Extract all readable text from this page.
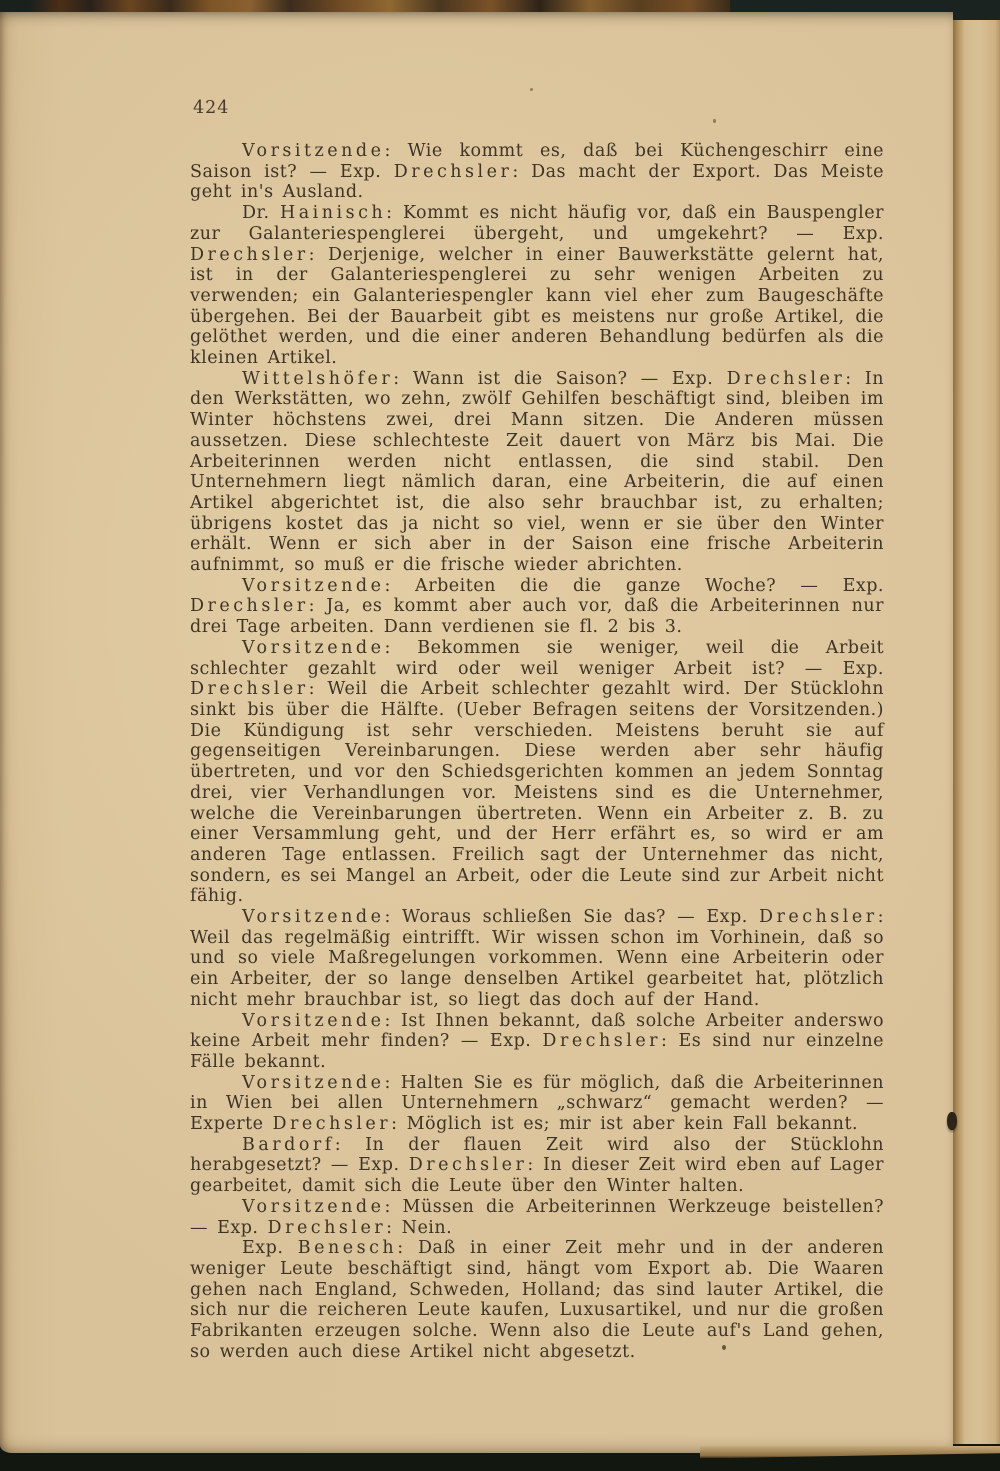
424

Vorsitzende: Wie kommt es, daß bei Küchengeschirr eine Saison ist? — Exp. Drechsler: Das macht der Export. Das Meiste geht in's Ausland.

Dr. Hainisch: Kommt es nicht häufig vor, daß ein Bauspengler zur Galanteriespenglerei übergeht, und umgekehrt? — Exp. Drechsler: Derjenige, welcher in einer Bauwerkstätte gelernt hat, ist in der Galanteriespenglerei zu sehr wenigen Arbeiten zu verwenden; ein Galanteriespengler kann viel eher zum Baugeschäfte übergehen. Bei der Bauarbeit gibt es meistens nur große Artikel, die gelöthet werden, und die einer anderen Behandlung bedürfen als die kleinen Artikel.

Wittelshöfer: Wann ist die Saison? — Exp. Drechsler: In den Werkstätten, wo zehn, zwölf Gehilfen beschäftigt sind, bleiben im Winter höchstens zwei, drei Mann sitzen. Die Anderen müssen aussetzen. Diese schlechteste Zeit dauert von März bis Mai. Die Arbeiterinnen werden nicht entlassen, die sind stabil. Den Unternehmern liegt nämlich daran, eine Arbeiterin, die auf einen Artikel abgerichtet ist, die also sehr brauchbar ist, zu erhalten; übrigens kostet das ja nicht so viel, wenn er sie über den Winter erhält. Wenn er sich aber in der Saison eine frische Arbeiterin aufnimmt, so muß er die frische wieder abrichten.

Vorsitzende: Arbeiten die die ganze Woche? — Exp. Drechsler: Ja, es kommt aber auch vor, daß die Arbeiterinnen nur drei Tage arbeiten. Dann verdienen sie fl. 2 bis 3.

Vorsitzende: Bekommen sie weniger, weil die Arbeit schlechter gezahlt wird oder weil weniger Arbeit ist? — Exp. Drechsler: Weil die Arbeit schlechter gezahlt wird. Der Stücklohn sinkt bis über die Hälfte. (Ueber Befragen seitens der Vorsitzenden.) Die Kündigung ist sehr verschieden. Meistens beruht sie auf gegenseitigen Vereinbarungen. Diese werden aber sehr häufig übertreten, und vor den Schiedsgerichten kommen an jedem Sonntag drei, vier Verhandlungen vor. Meistens sind es die Unternehmer, welche die Vereinbarungen übertreten. Wenn ein Arbeiter z. B. zu einer Versammlung geht, und der Herr erfährt es, so wird er am anderen Tage entlassen. Freilich sagt der Unternehmer das nicht, sondern, es sei Mangel an Arbeit, oder die Leute sind zur Arbeit nicht fähig.

Vorsitzende: Woraus schließen Sie das? — Exp. Drechsler: Weil das regelmäßig eintrifft. Wir wissen schon im Vorhinein, daß so und so viele Maßregelungen vorkommen. Wenn eine Arbeiterin oder ein Arbeiter, der so lange denselben Artikel gearbeitet hat, plötzlich nicht mehr brauchbar ist, so liegt das doch auf der Hand.

Vorsitzende: Ist Ihnen bekannt, daß solche Arbeiter anderswo keine Arbeit mehr finden? — Exp. Drechsler: Es sind nur einzelne Fälle bekannt.

Vorsitzende: Halten Sie es für möglich, daß die Arbeiterinnen in Wien bei allen Unternehmern „schwarz“ gemacht werden? — Experte Drechsler: Möglich ist es; mir ist aber kein Fall bekannt.

Bardorf: In der flauen Zeit wird also der Stücklohn herabgesetzt? — Exp. Drechsler: In dieser Zeit wird eben auf Lager gearbeitet, damit sich die Leute über den Winter halten.

Vorsitzende: Müssen die Arbeiterinnen Werkzeuge beistellen? — Exp. Drechsler: Nein.

Exp. Benesch: Daß in einer Zeit mehr und in der anderen weniger Leute beschäftigt sind, hängt vom Export ab. Die Waaren gehen nach England, Schweden, Holland; das sind lauter Artikel, die sich nur die reicheren Leute kaufen, Luxusartikel, und nur die großen Fabrikanten erzeugen solche. Wenn also die Leute auf's Land gehen, so werden auch diese Artikel nicht abgesetzt.
